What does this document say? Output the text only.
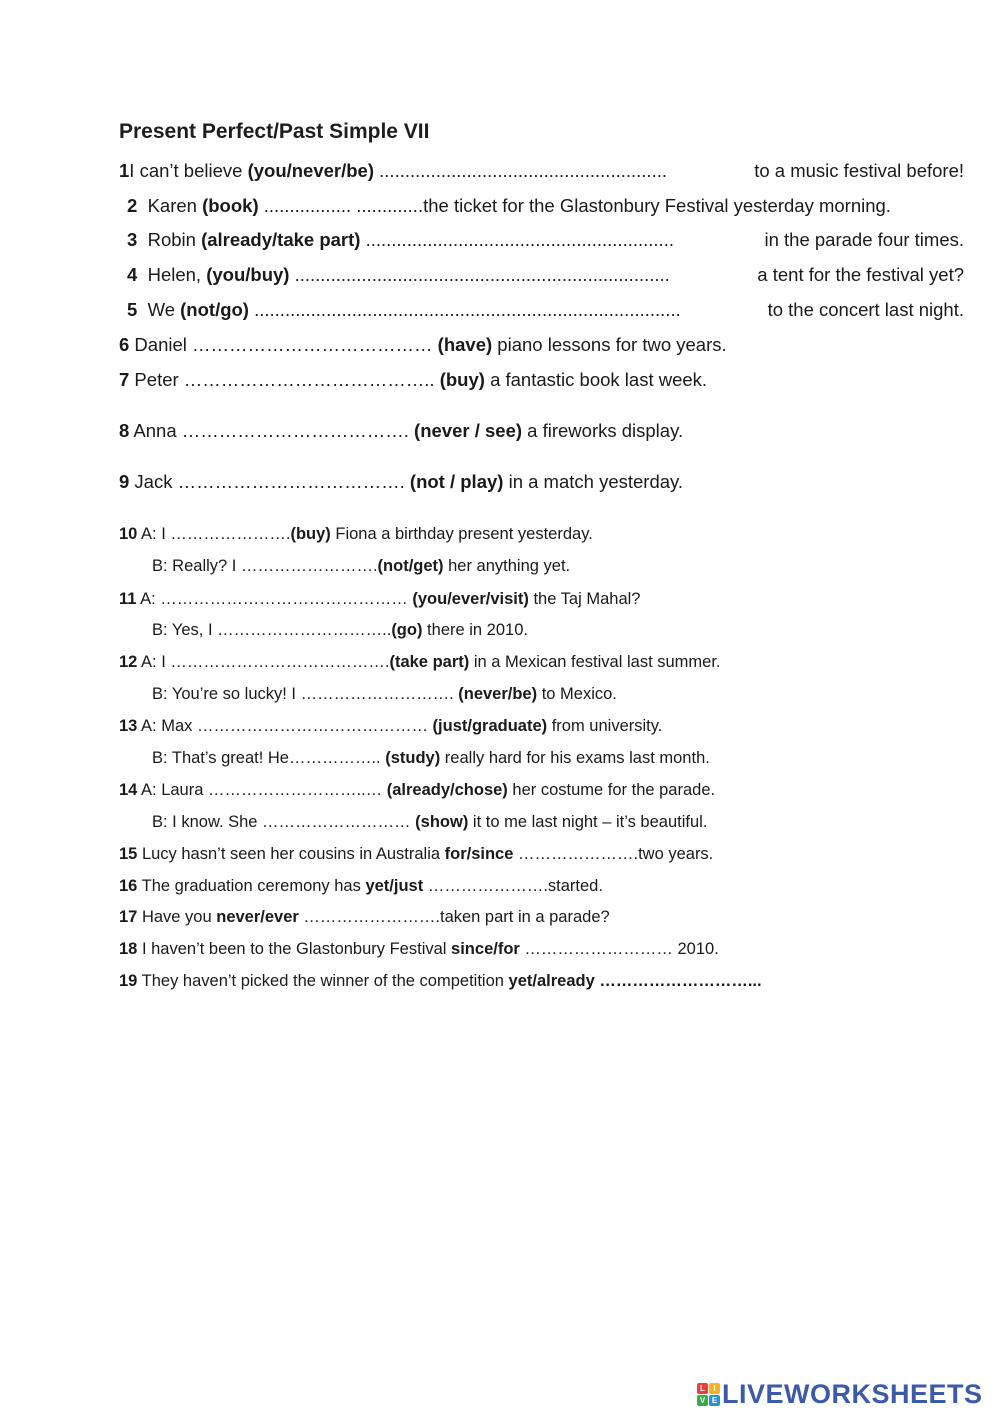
Present Perfect/Past Simple VII
1I can’t believe (you/never/be) ........................................................	to a music festival before!
2 Karen (book) ................. .............the ticket for the Glastonbury Festival yesterday morning.
3 Robin (already/take part) ............................................................	in the parade four times.
4 Helen, (you/buy) .........................................................................	a tent for the festival yet?
5 We (not/go) ...................................................................................	to the concert last night.
6 Daniel ………………………………… (have) piano lessons for two years.
7 Peter ………………………………….. (buy) a fantastic book last week.
8 Anna ………………………………. (never / see) a fireworks display.
9 Jack ………………………………. (not / play) in a match yesterday.
10 A: I ………………….(buy) Fiona a birthday present yesterday.
B: Really? I …………………….(not/get) her anything yet.
11 A: ……………………………………… (you/ever/visit) the Taj Mahal?
B: Yes, I …………………………..(go) there in 2010.
12 A: I ………………………………….(take part) in a Mexican festival last summer.
B: You’re so lucky! I ………………………. (never/be) to Mexico.
13 A: Max …………………………………… (just/graduate) from university.
B: That’s great! He…………….. (study) really hard for his exams last month.
14 A: Laura ………………………..… (already/chose) her costume for the parade.
B: I know. She ……………………… (show) it to me last night – it’s beautiful.
15 Lucy hasn’t seen her cousins in Australia for/since ………………….two years.
16 The graduation ceremony has yet/just ………………….started.
17 Have you never/ever …………………….taken part in a parade?
18 I haven’t been to the Glastonbury Festival since/for ……………………… 2010.
19 They haven’t picked the winner of the competition yet/already ………………………...
L	I
V E LIVEWORKSHEETS
